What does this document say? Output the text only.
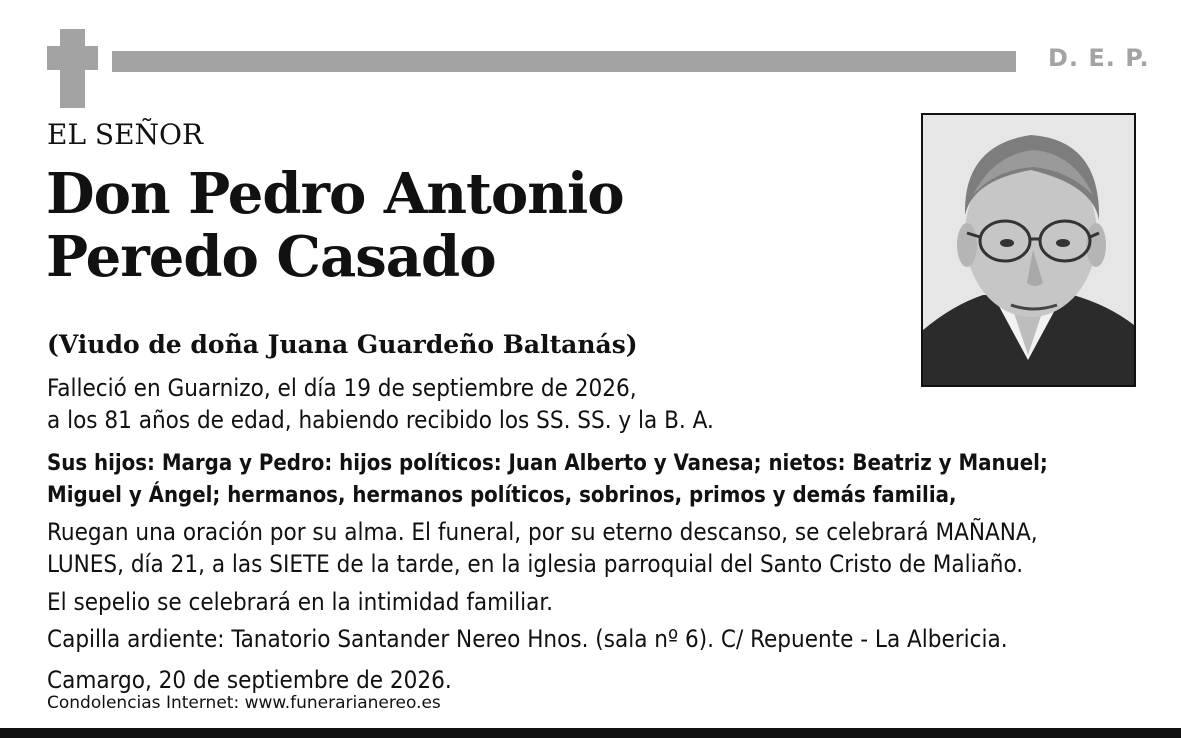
D. E. P.
EL SEÑOR
Don Pedro Antonio
Peredo Casado
(Viudo de doña Juana Guardeño Baltanás)
Falleció en Guarnizo, el día 19 de septiembre de 2026,
a los 81 años de edad, habiendo recibido los SS. SS. y la B. A.
Sus hijos: Marga y Pedro: hijos políticos: Juan Alberto y Vanesa; nietos: Beatriz y Manuel;
Miguel y Ángel; hermanos, hermanos políticos, sobrinos, primos y demás familia,
Ruegan una oración por su alma. El funeral, por su eterno descanso, se celebrará MAÑANA,
LUNES, día 21, a las SIETE de la tarde, en la iglesia parroquial del Santo Cristo de Maliaño.
El sepelio se celebrará en la intimidad familiar.
Capilla ardiente: Tanatorio Santander Nereo Hnos. (sala nº 6). C/ Repuente - La Albericia.
Camargo, 20 de septiembre de 2026.
Condolencias Internet: www.funerarianereo.es
